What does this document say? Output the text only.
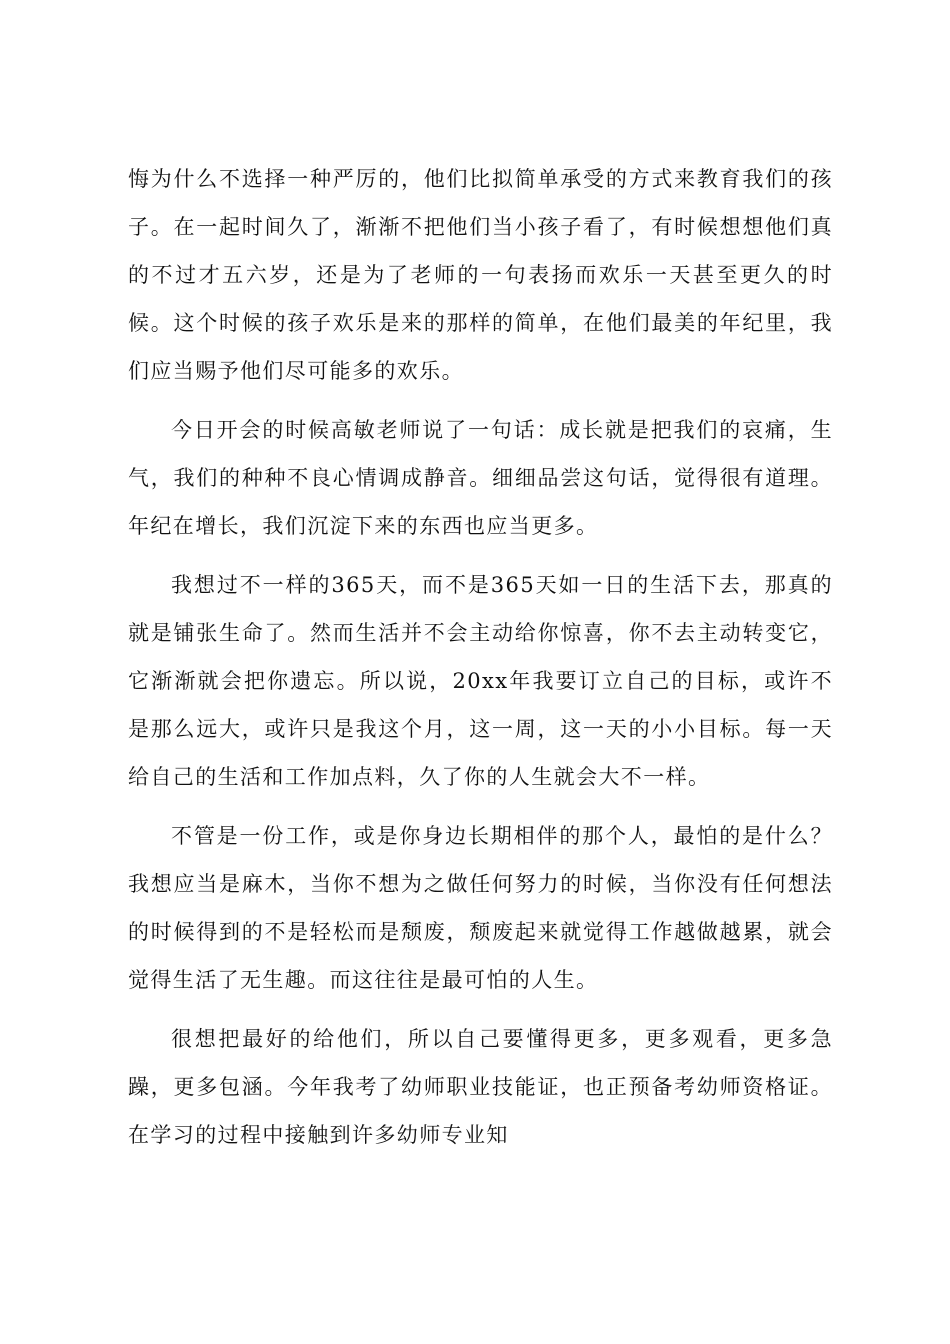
悔为什么不选择一种严厉的，他们比拟简单承受的方式来教育我们的孩子。在一起时间久了，渐渐不把他们当小孩子看了，有时候想想他们真的不过才五六岁，还是为了老师的一句表扬而欢乐一天甚至更久的时候。这个时候的孩子欢乐是来的那样的简单，在他们最美的年纪里，我们应当赐予他们尽可能多的欢乐。

今日开会的时候高敏老师说了一句话：成长就是把我们的哀痛，生气，我们的种种不良心情调成静音。细细品尝这句话，觉得很有道理。年纪在增长，我们沉淀下来的东西也应当更多。

我想过不一样的365天，而不是365天如一日的生活下去，那真的就是铺张生命了。然而生活并不会主动给你惊喜，你不去主动转变它，它渐渐就会把你遗忘。所以说，20xx年我要订立自己的目标，或许不是那么远大，或许只是我这个月，这一周，这一天的小小目标。每一天给自己的生活和工作加点料，久了你的人生就会大不一样。

不管是一份工作，或是你身边长期相伴的那个人，最怕的是什么？我想应当是麻木，当你不想为之做任何努力的时候，当你没有任何想法的时候得到的不是轻松而是颓废，颓废起来就觉得工作越做越累，就会觉得生活了无生趣。而这往往是最可怕的人生。

很想把最好的给他们，所以自己要懂得更多，更多观看，更多急躁，更多包涵。今年我考了幼师职业技能证，也正预备考幼师资格证。在学习的过程中接触到许多幼师专业知
